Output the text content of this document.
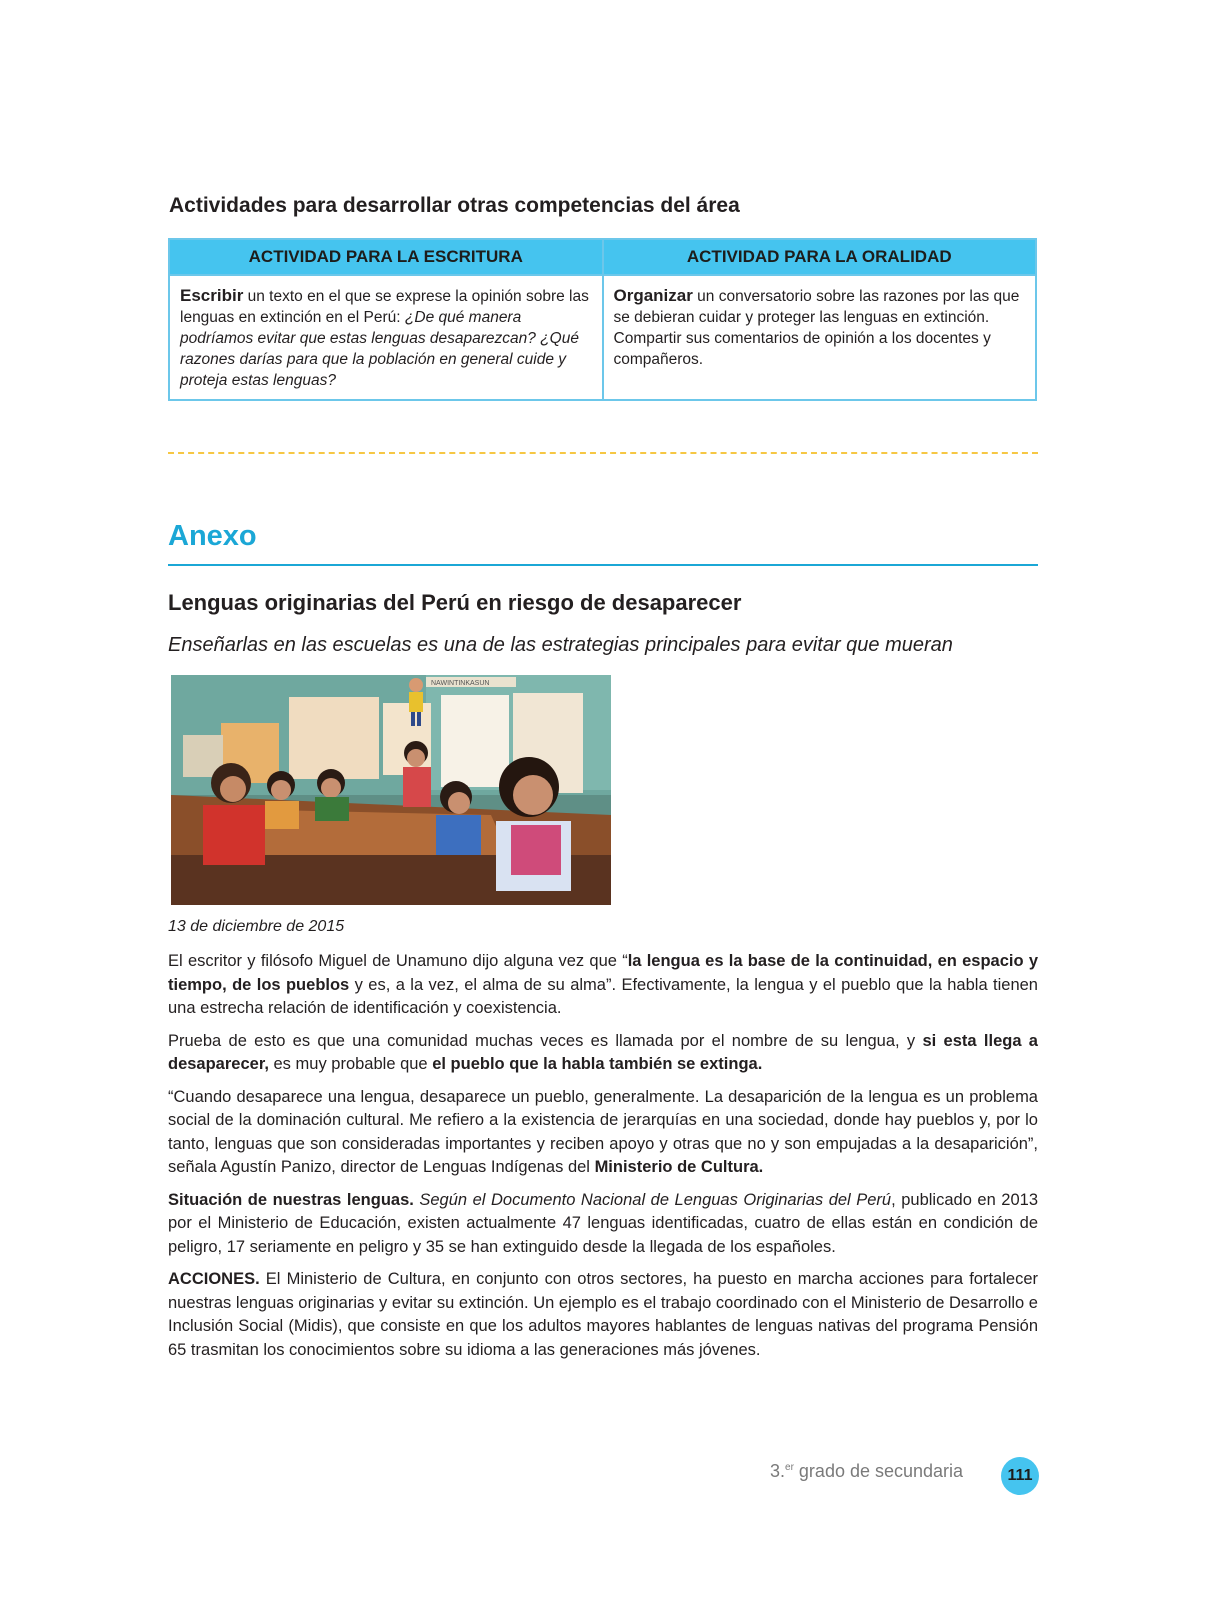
Actividades para desarrollar otras competencias del área
ACTIVIDAD PARA LA ESCRITURA	ACTIVIDAD PARA LA ORALIDAD
Escribir un texto en el que se exprese la opinión sobre las lenguas en extinción en el Perú: ¿De qué manera podríamos evitar que estas lenguas desaparezcan? ¿Qué razones darías para que la población en general cuide y proteja estas lenguas?	Organizar un conversatorio sobre las razones por las que se debieran cuidar y proteger las lenguas en extinción. Compartir sus comentarios de opinión a los docentes y compañeros.
Anexo
Lenguas originarias del Perú en riesgo de desaparecer
Enseñarlas en las escuelas es una de las estrategias principales para evitar que mueran
NAWINTINKASUN
13 de diciembre de 2015

El escritor y filósofo Miguel de Unamuno dijo alguna vez que “la lengua es la base de la continuidad, en espacio y tiempo, de los pueblos y es, a la vez, el alma de su alma”. Efectivamente, la lengua y el pueblo que la habla tienen una estrecha relación de identificación y coexistencia.

Prueba de esto es que una comunidad muchas veces es llamada por el nombre de su lengua, y si esta llega a desaparecer, es muy probable que el pueblo que la habla también se extinga.

“Cuando desaparece una lengua, desaparece un pueblo, generalmente. La desaparición de la lengua es un problema social de la dominación cultural. Me refiero a la existencia de jerarquías en una sociedad, donde hay pueblos y, por lo tanto, lenguas que son consideradas importantes y reciben apoyo y otras que no y son empujadas a la desaparición”, señala Agustín Panizo, director de Lenguas Indígenas del Ministerio de Cultura.

Situación de nuestras lenguas. Según el Documento Nacional de Lenguas Originarias del Perú, publicado en 2013 por el Ministerio de Educación, existen actualmente 47 lenguas identificadas, cuatro de ellas están en condición de peligro, 17 seriamente en peligro y 35 se han extinguido desde la llegada de los españoles.

ACCIONES. El Ministerio de Cultura, en conjunto con otros sectores, ha puesto en marcha acciones para fortalecer nuestras lenguas originarias y evitar su extinción. Un ejemplo es el trabajo coordinado con el Ministerio de Desarrollo e Inclusión Social (Midis), que consiste en que los adultos mayores hablantes de lenguas nativas del programa Pensión 65 trasmitan los conocimientos sobre su idioma a las generaciones más jóvenes.

3.$^{er}$ grado de secundaria	111
